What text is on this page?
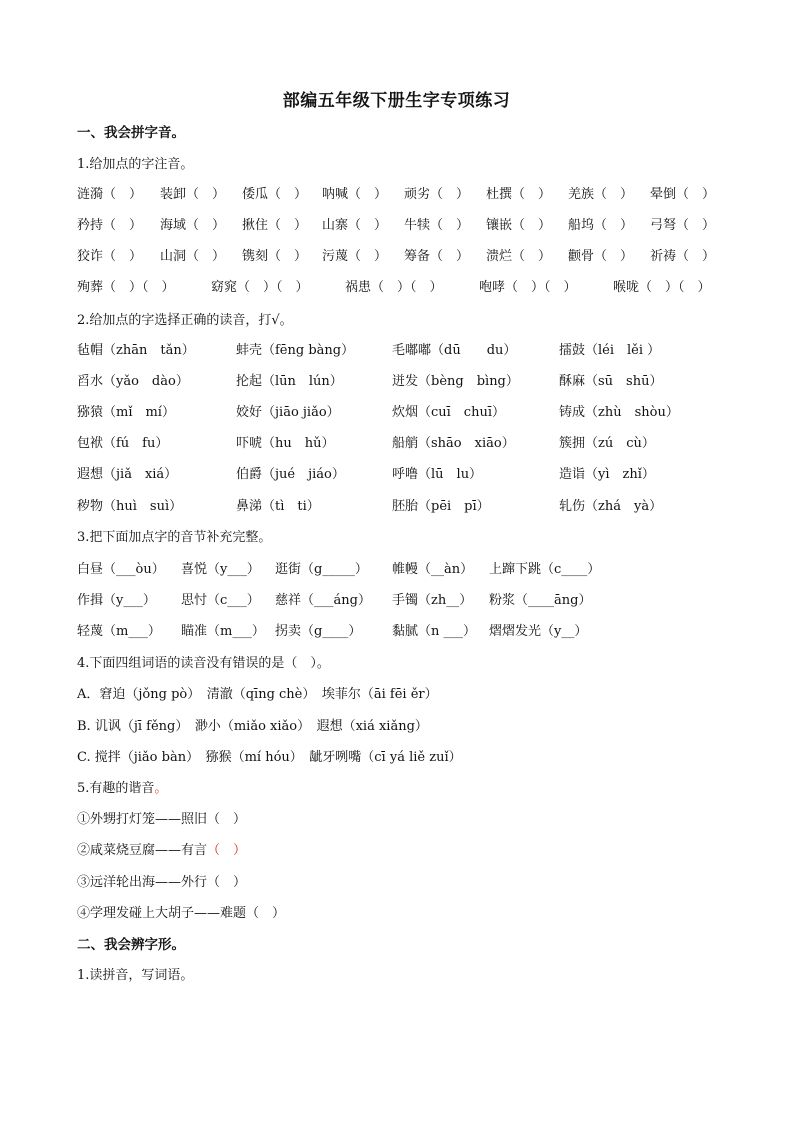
部编五年级下册生字专项练习
一、我会拼字音。
1.给加点的字注音。
涟漪（　） 装卸（　） 倭瓜（　） 呐喊（　） 顽劣（　） 杜撰（　） 羌族（　） 晕倒（　）
矜持（　） 海域（　） 揪住（　） 山寨（　） 牛犊（　） 镶嵌（　） 船坞（　） 弓弩（　）
狡诈（　） 山洞（　） 镌刻（　） 污蔑（　） 筹备（　） 溃烂（　） 颧骨（　） 祈祷（　）
殉葬（　）（　）	窈窕（　）（　）	祸患（　）（　）	咆哮（　）（　）	喉咙（　）（　）
2.给加点的字选择正确的读音，打√。
毡帽（zhān　tǎn）	蚌壳（fēng bàng）	毛嘟嘟（dū　　du）	擂鼓（léi　lěi ）
舀水（yǎo　dào）	抡起（lūn　lún）	迸发（bèng　bìng）	酥麻（sū　shū）
猕猿（mǐ　mí）	姣好（jiāo jiǎo）	炊烟（cuī　chuī）	铸成（zhù　shòu）
包袱（fú　fu）	吓唬（hu　hǔ）	船艄（shāo　xiāo）	簇拥（zú　cù）
遐想（jiǎ　xiá）	伯爵（jué　jiáo）	呼噜（lū　lu）	造诣（yì　zhǐ）
秽物（huì　suì）	鼻涕（tì　ti）	胚胎（pēi　pī）	轧伤（zhá　yà）
3.把下面加点字的音节补充完整。
白昼（___òu） 喜悦（y___） 逛街（g_____） 帷幔（__àn） 上蹿下跳（c____）
作揖（y___） 思忖（c___） 慈祥（___áng） 手镯（zh__） 粉浆（____āng）
轻蔑（m___） 瞄准（m___） 拐卖（g____） 黏腻（n ___） 熠熠发光（y__）
4.下面四组词语的读音没有错误的是（　）。
A．窘迫（jǒng pò）　清澈（qīng chè）　埃菲尔（āi fēi ěr）
B. 讥讽（jī fěng）　渺小（miǎo xiǎo）　遐想（xiá xiǎng）
C. 搅拌（jiǎo bàn）　猕猴（mí hóu）　龇牙咧嘴（cī yá liě zuǐ）
5.有趣的谐音。
①外甥打灯笼——照旧（　）
②咸菜烧豆腐——有言（　）
③远洋轮出海——外行（　）
④学理发碰上大胡子——难题（　）
二、我会辨字形。
1.读拼音，写词语。
